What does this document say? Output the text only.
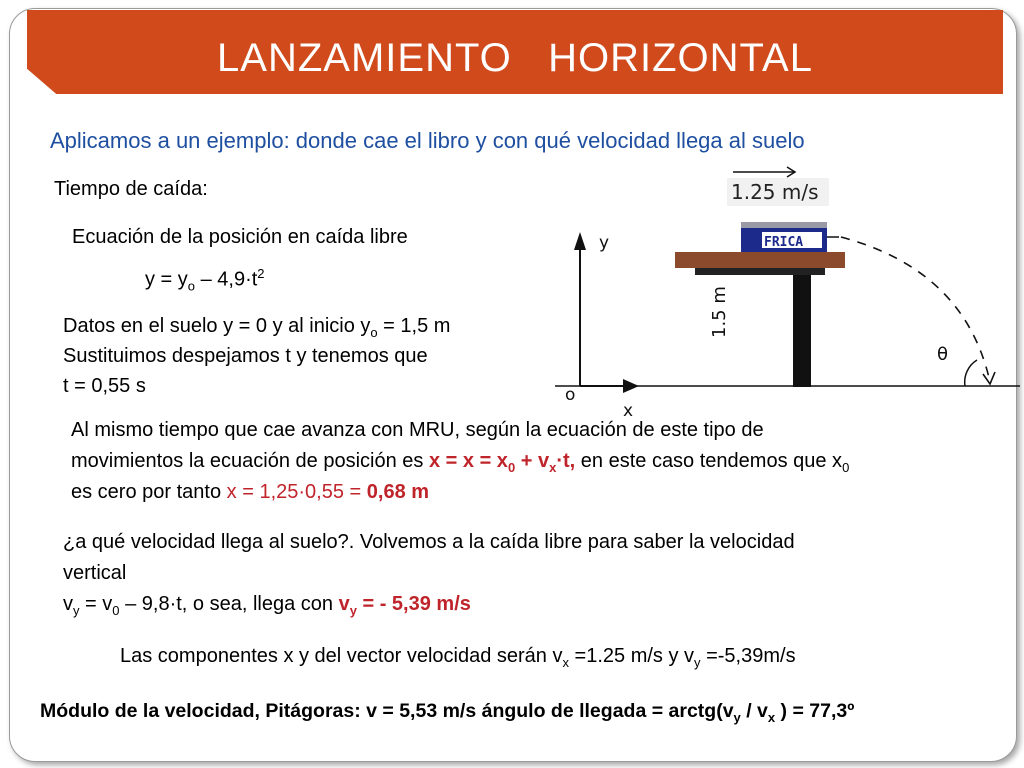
LANZAMIENTO   HORIZONTAL
Aplicamos a un ejemplo: donde cae el libro y con qué velocidad llega al suelo
Tiempo de caída:
Ecuación de la posición en caída libre
$y = y_o - 4,9\cdot t^2$
Datos en el suelo y = 0 y al inicio $y_o = 1,5$ m
Sustituimos despejamos t y tenemos que
t = 0,55 s
Al mismo tiempo que cae avanza con MRU, según la ecuación de este tipo de
movimientos la ecuación de posición es $x = x = x_0 + v_x\cdot t$, en este caso tendemos que $x_0$
es cero por tanto x = 1,25·0,55 = 0,68 m
¿a qué velocidad llega al suelo?. Volvemos a la caída libre para saber la velocidad
vertical
$v_y = v_0 - 9,8\cdot t$, o sea, llega con $v_y$ = - 5,39 m/s
Las componentes x y del vector velocidad serán $v_x =1.25$ m/s y $v_y =-5,39m/s$
Módulo de la velocidad, Pitágoras: v = 5,53 m/s ángulo de llegada = $arctg(v_y / v_x$ ) = 77,3º
1.25 m/s
FRICA
1.5 m
y
x
o
θ
